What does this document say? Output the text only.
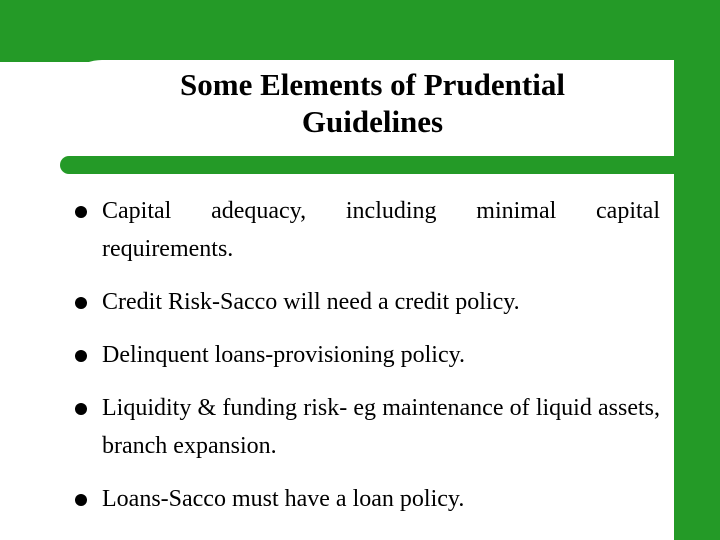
Some Elements of Prudential Guidelines
Capital adequacy, including minimal capital requirements.
Credit Risk-Sacco will need a credit policy.
Delinquent loans-provisioning policy.
Liquidity & funding risk- eg maintenance of liquid assets, branch expansion.
Loans-Sacco must have a loan policy.
